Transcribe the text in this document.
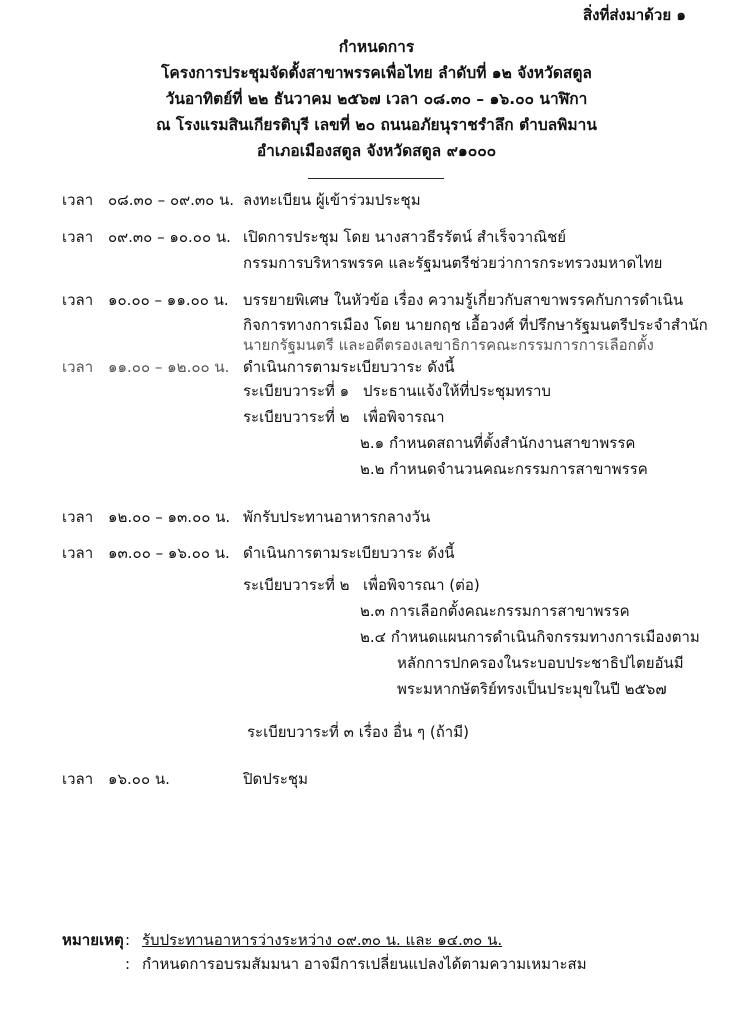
สิ่งที่ส่งมาด้วย ๑
กำหนดการ
โครงการประชุมจัดตั้งสาขาพรรคเพื่อไทย ลำดับที่ ๑๒ จังหวัดสตูล
วันอาทิตย์ที่ ๒๒ ธันวาคม ๒๕๖๗ เวลา ๐๘.๓๐ – ๑๖.๐๐ นาฬิกา
ณ โรงแรมสินเกียรติบุรี เลขที่ ๒๐ ถนนอภัยนุราชรำลึก ตำบลพิมาน
อำเภอเมืองสตูล จังหวัดสตูล ๙๑๐๐๐
เวลา ๐๘.๓๐ – ๐๙.๓๐ น. ลงทะเบียน ผู้เข้าร่วมประชุม
เวลา ๐๙.๓๐ – ๑๐.๐๐ น. เปิดการประชุม โดย นางสาวธีรรัตน์ สำเร็จวาณิชย์
กรรมการบริหารพรรค และรัฐมนตรีช่วยว่าการกระทรวงมหาดไทย
เวลา ๑๐.๐๐ – ๑๑.๐๐ น. บรรยายพิเศษ ในหัวข้อ เรื่อง ความรู้เกี่ยวกับสาขาพรรคกับการดำเนิน
กิจการทางการเมือง โดย นายกฤช เอื้อวงศ์ ที่ปรึกษารัฐมนตรีประจำสำนัก
นายกรัฐมนตรี และอดีตรองเลขาธิการคณะกรรมการการเลือกตั้ง
เวลา ๑๑.๐๐ – ๑๒.๐๐ น. ดำเนินการตามระเบียบวาระ ดังนี้
ระเบียบวาระที่ ๑ ประธานแจ้งให้ที่ประชุมทราบ
ระเบียบวาระที่ ๒ เพื่อพิจารณา
๒.๑ กำหนดสถานที่ตั้งสำนักงานสาขาพรรค
๒.๒ กำหนดจำนวนคณะกรรมการสาขาพรรค
เวลา ๑๒.๐๐ – ๑๓.๐๐ น. พักรับประทานอาหารกลางวัน
เวลา ๑๓.๐๐ – ๑๖.๐๐ น. ดำเนินการตามระเบียบวาระ ดังนี้
ระเบียบวาระที่ ๒ เพื่อพิจารณา (ต่อ)
๒.๓ การเลือกตั้งคณะกรรมการสาขาพรรค
๒.๔ กำหนดแผนการดำเนินกิจกรรมทางการเมืองตาม
หลักการปกครองในระบอบประชาธิปไตยอันมี
พระมหากษัตริย์ทรงเป็นประมุขในปี ๒๕๖๗
ระเบียบวาระที่ ๓ เรื่อง อื่น ๆ (ถ้ามี)
เวลา ๑๖.๐๐ น.	ปิดประชุม
หมายเหตุ : รับประทานอาหารว่างระหว่าง ๐๙.๓๐ น. และ ๑๔.๓๐ น.
: กำหนดการอบรมสัมมนา อาจมีการเปลี่ยนแปลงได้ตามความเหมาะสม
